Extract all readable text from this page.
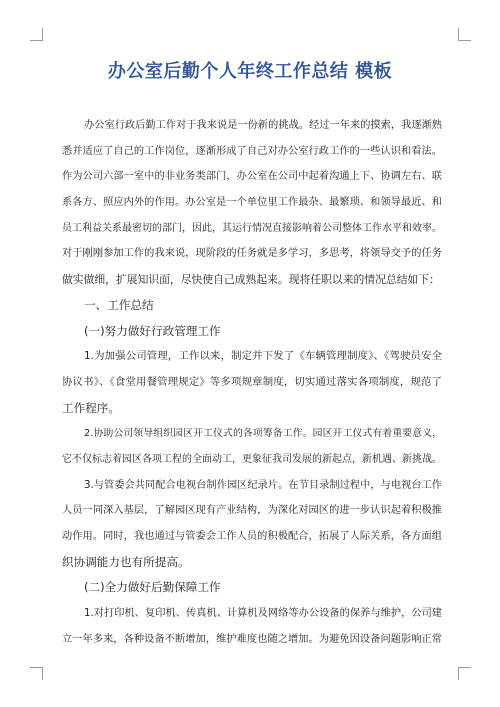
办公室后勤个人年终工作总结 模板
办公室行政后勤工作对于我来说是一份新的挑战。经过一年来的摸索，我逐渐熟
悉并适应了自己的工作岗位，逐渐形成了自己对办公室行政工作的一些认识和看法。
作为公司六部一室中的非业务类部门，办公室在公司中起着沟通上下、协调左右、联
系各方、照应内外的作用。办公室是一个单位里工作最杂、最繁琐、和领导最近、和
员工利益关系最密切的部门，因此，其运行情况直接影响着公司整体工作水平和效率。
对于刚刚参加工作的我来说，现阶段的任务就是多学习，多思考，将领导交予的任务
做实做细，扩展知识面，尽快使自己成熟起来。现将任职以来的情况总结如下：
一、工作总结
(一)努力做好行政管理工作
1.为加强公司管理，工作以来，制定并下发了《车辆管理制度》、《驾驶员安全
协议书》、《食堂用餐管理规定》等多项规章制度，切实通过落实各项制度，规范了
工作程序。
2.协助公司领导组织园区开工仪式的各项筹备工作。园区开工仪式有着重要意义，
它不仅标志着园区各项工程的全面动工，更象征我司发展的新起点，新机遇、新挑战。
3.与管委会共同配合电视台制作园区纪录片。在节目录制过程中，与电视台工作
人员一同深入基层，了解园区现有产业结构，为深化对园区的进一步认识起着积极推
动作用。同时，我也通过与管委会工作人员的积极配合，拓展了人际关系，各方面组
织协调能力也有所提高。
(二)全力做好后勤保障工作
1.对打印机、复印机、传真机、计算机及网络等办公设备的保养与维护，公司建
立一年多来，各种设备不断增加，维护难度也随之增加。为避免因设备问题影响正常
